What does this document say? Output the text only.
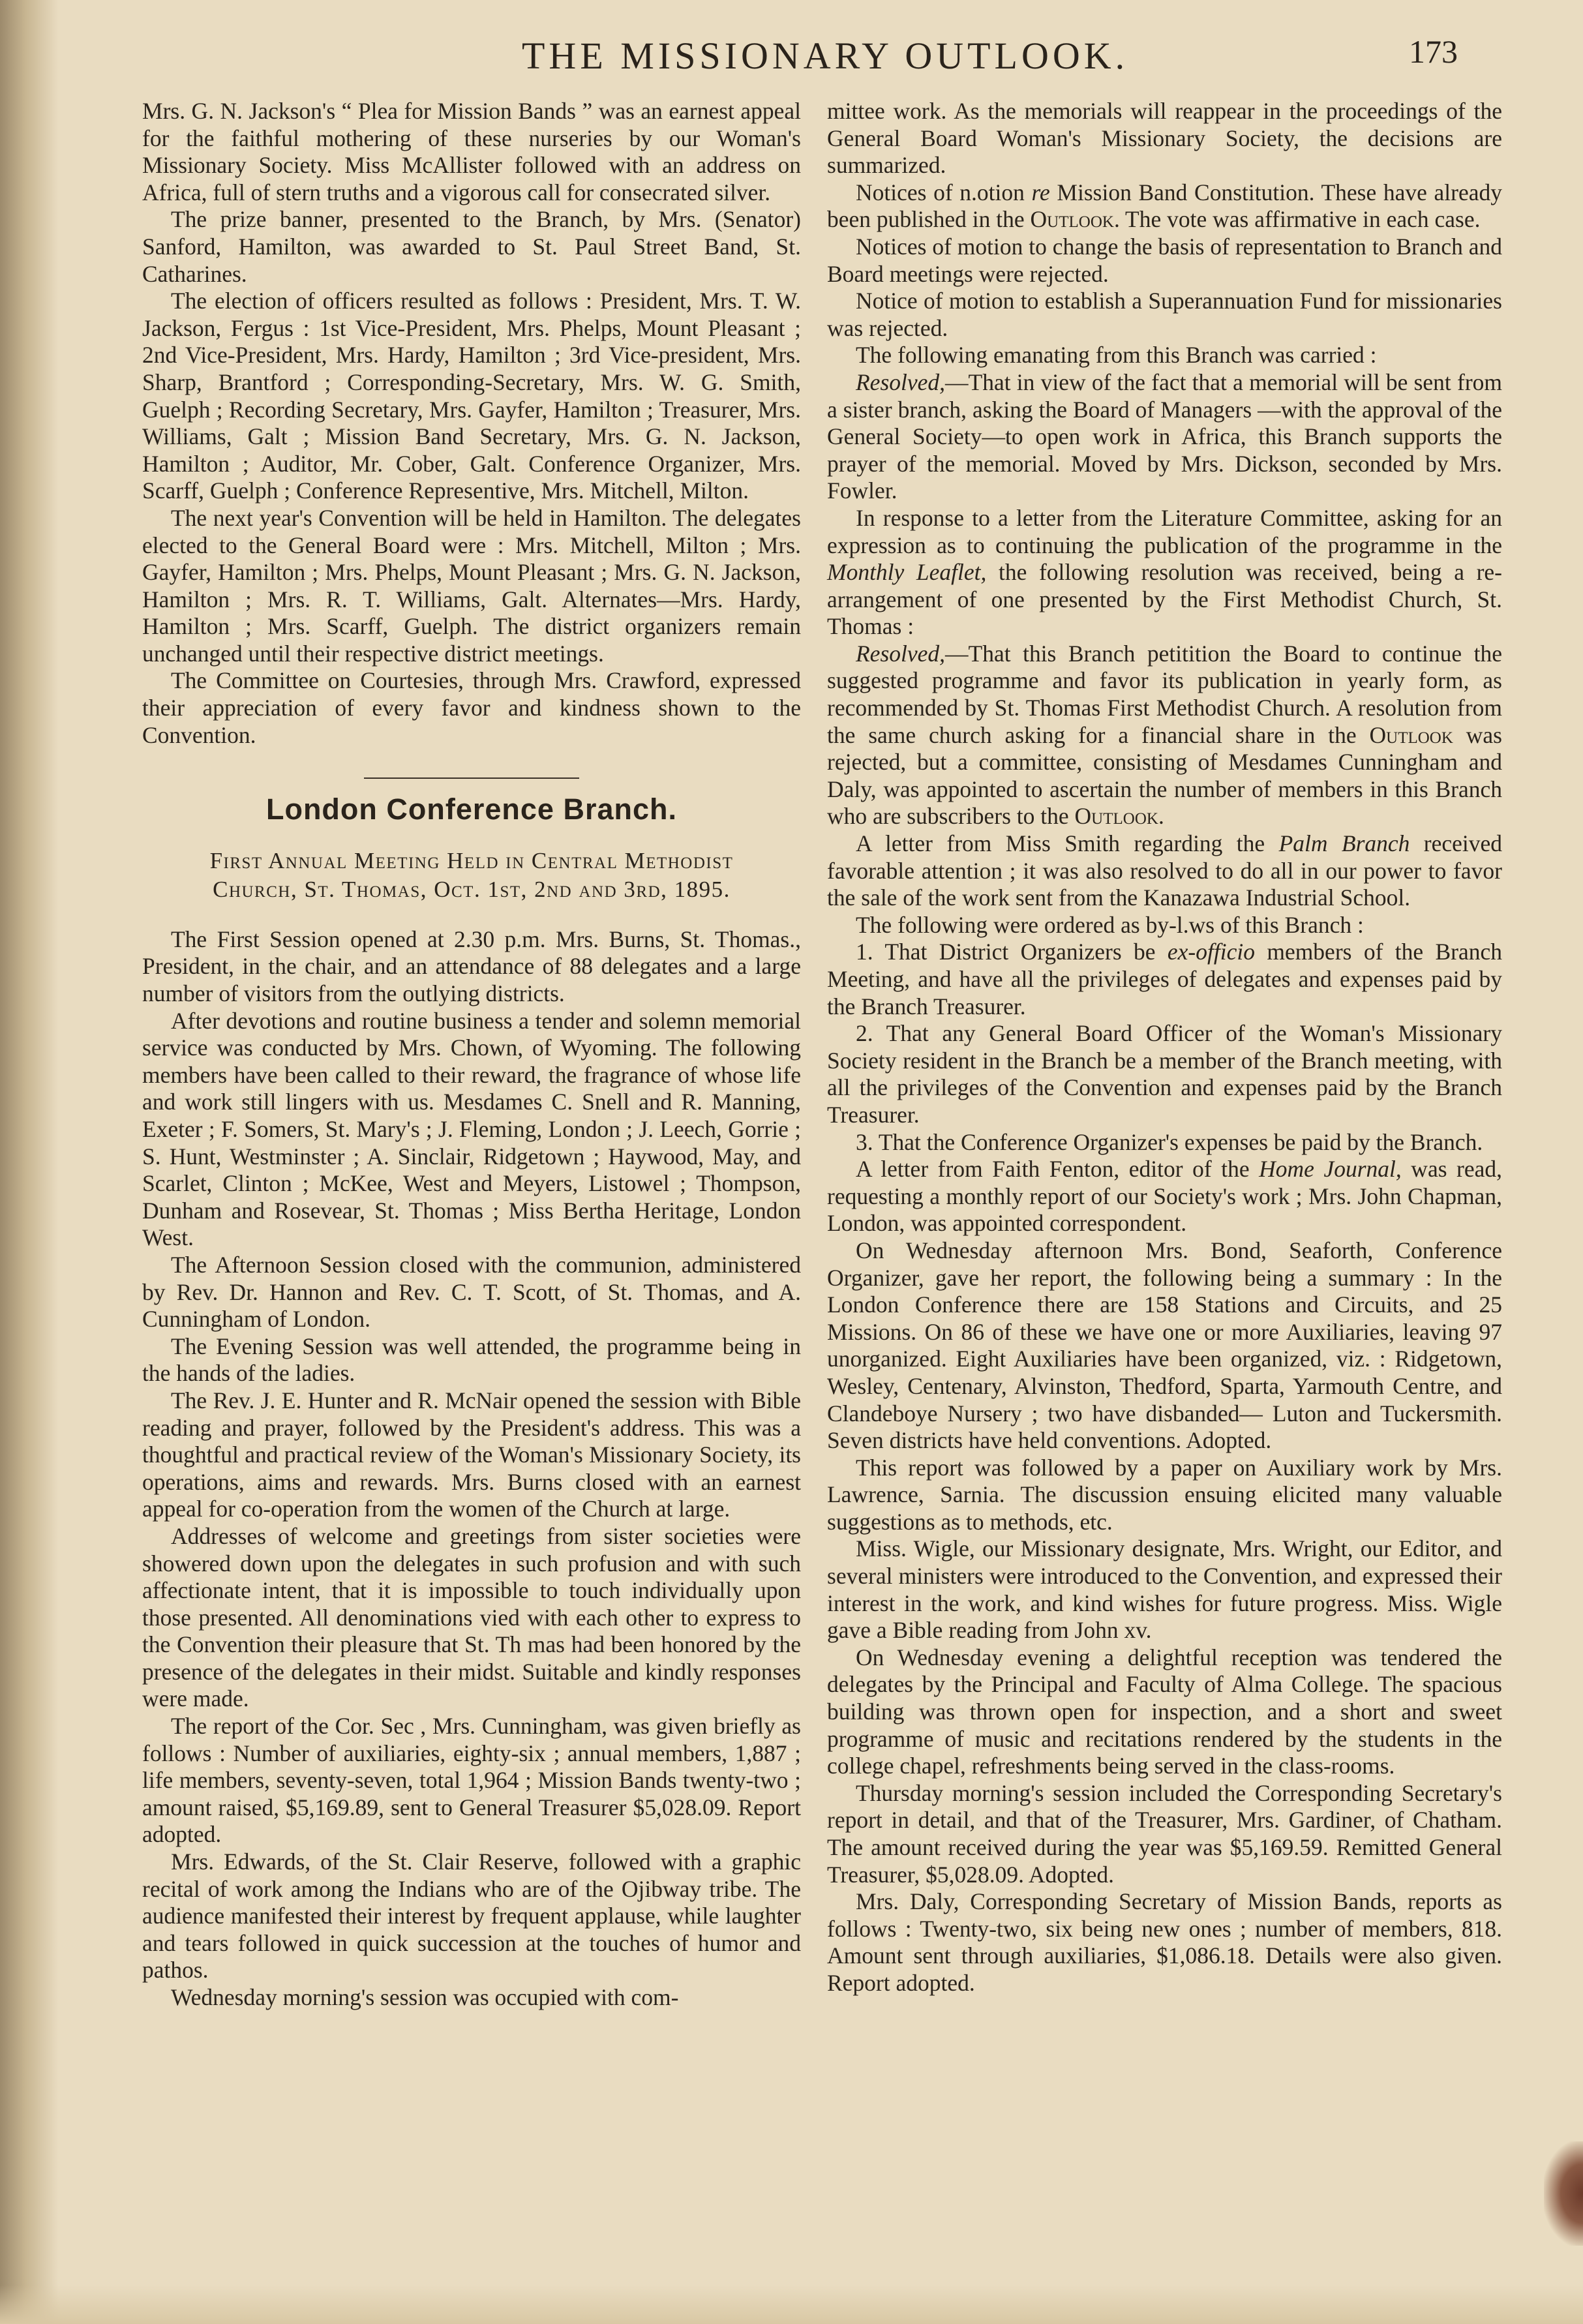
THE MISSIONARY OUTLOOK.	173

Mrs. G. N. Jackson's “ Plea for Mission Bands ” was an earnest appeal for the faithful mothering of these nurseries by our Woman's Missionary Society. Miss McAllister followed with an address on Africa, full of stern truths and a vigorous call for consecrated silver.

The prize banner, presented to the Branch, by Mrs. (Senator) Sanford, Hamilton, was awarded to St. Paul Street Band, St. Catharines.

The election of officers resulted as follows : President, Mrs. T. W. Jackson, Fergus : 1st Vice-President, Mrs. Phelps, Mount Pleasant ; 2nd Vice-President, Mrs. Hardy, Hamilton ; 3rd Vice-president, Mrs. Sharp, Brantford ; Corresponding-Secretary, Mrs. W. G. Smith, Guelph ; Recording Secretary, Mrs. Gayfer, Hamilton ; Treasurer, Mrs. Williams, Galt ; Mission Band Secretary, Mrs. G. N. Jackson, Hamilton ; Auditor, Mr. Cober, Galt. Conference Organizer, Mrs. Scarff, Guelph ; Conference Representive, Mrs. Mitchell, Milton.

The next year's Convention will be held in Hamilton. The delegates elected to the General Board were : Mrs. Mitchell, Milton ; Mrs. Gayfer, Hamilton ; Mrs. Phelps, Mount Pleasant ; Mrs. G. N. Jackson, Hamilton ; Mrs. R. T. Williams, Galt. Alternates—Mrs. Hardy, Hamilton ; Mrs. Scarff, Guelph. The district organizers remain unchanged until their respective district meetings.

The Committee on Courtesies, through Mrs. Crawford, expressed their appreciation of every favor and kindness shown to the Convention.

London Conference Branch.
First Annual Meeting Held in Central Methodist
Church, St. Thomas, Oct. 1st, 2nd and 3rd, 1895.

The First Session opened at 2.30 p.m. Mrs. Burns, St. Thomas., President, in the chair, and an attendance of 88 delegates and a large number of visitors from the outlying districts.

After devotions and routine business a tender and solemn memorial service was conducted by Mrs. Chown, of Wyoming. The following members have been called to their reward, the fragrance of whose life and work still lingers with us. Mesdames C. Snell and R. Manning, Exeter ; F. Somers, St. Mary's ; J. Fleming, London ; J. Leech, Gorrie ; S. Hunt, Westminster ; A. Sinclair, Ridgetown ; Haywood, May, and Scarlet, Clinton ; McKee, West and Meyers, Listowel ; Thompson, Dunham and Rosevear, St. Thomas ; Miss Bertha Heritage, London West.

The Afternoon Session closed with the communion, administered by Rev. Dr. Hannon and Rev. C. T. Scott, of St. Thomas, and A. Cunningham of London.

The Evening Session was well attended, the programme being in the hands of the ladies.

The Rev. J. E. Hunter and R. McNair opened the session with Bible reading and prayer, followed by the President's address. This was a thoughtful and practical review of the Woman's Missionary Society, its operations, aims and rewards. Mrs. Burns closed with an earnest appeal for co-operation from the women of the Church at large.

Addresses of welcome and greetings from sister societies were showered down upon the delegates in such profusion and with such affectionate intent, that it is impossible to touch individually upon those presented. All denominations vied with each other to express to the Convention their pleasure that St. Th mas had been honored by the presence of the delegates in their midst. Suitable and kindly responses were made.

The report of the Cor. Sec , Mrs. Cunningham, was given briefly as follows : Number of auxiliaries, eighty-six ; annual members, 1,887 ; life members, seventy-seven, total 1,964 ; Mission Bands twenty-two ; amount raised, $5,169.89, sent to General Treasurer $5,028.09. Report adopted.

Mrs. Edwards, of the St. Clair Reserve, followed with a graphic recital of work among the Indians who are of the Ojibway tribe. The audience manifested their interest by frequent applause, while laughter and tears followed in quick succession at the touches of humor and pathos.

Wednesday morning's session was occupied with com-

mittee work. As the memorials will reappear in the proceedings of the General Board Woman's Missionary Society, the decisions are summarized.

Notices of n.otion re Mission Band Constitution. These have already been published in the Outlook. The vote was affirmative in each case.

Notices of motion to change the basis of representation to Branch and Board meetings were rejected.

Notice of motion to establish a Superannuation Fund for missionaries was rejected.

The following emanating from this Branch was carried :

Resolved,—That in view of the fact that a memorial will be sent from a sister branch, asking the Board of Managers —with the approval of the General Society—to open work in Africa, this Branch supports the prayer of the memorial. Moved by Mrs. Dickson, seconded by Mrs. Fowler.

In response to a letter from the Literature Committee, asking for an expression as to continuing the publication of the programme in the Monthly Leaflet, the following resolution was received, being a re-arrangement of one presented by the First Methodist Church, St. Thomas :

Resolved,—That this Branch petitition the Board to continue the suggested programme and favor its publication in yearly form, as recommended by St. Thomas First Methodist Church. A resolution from the same church asking for a financial share in the Outlook was rejected, but a committee, consisting of Mesdames Cunningham and Daly, was appointed to ascertain the number of members in this Branch who are subscribers to the Outlook.

A letter from Miss Smith regarding the Palm Branch received favorable attention ; it was also resolved to do all in our power to favor the sale of the work sent from the Kanazawa Industrial School.

The following were ordered as by-l.ws of this Branch :

1. That District Organizers be ex-officio members of the Branch Meeting, and have all the privileges of delegates and expenses paid by the Branch Treasurer.

2. That any General Board Officer of the Woman's Missionary Society resident in the Branch be a member of the Branch meeting, with all the privileges of the Convention and expenses paid by the Branch Treasurer.

3. That the Conference Organizer's expenses be paid by the Branch.

A letter from Faith Fenton, editor of the Home Journal, was read, requesting a monthly report of our Society's work ; Mrs. John Chapman, London, was appointed correspondent.

On Wednesday afternoon Mrs. Bond, Seaforth, Conference Organizer, gave her report, the following being a summary : In the London Conference there are 158 Stations and Circuits, and 25 Missions. On 86 of these we have one or more Auxiliaries, leaving 97 unorganized. Eight Auxiliaries have been organized, viz. : Ridgetown, Wesley, Centenary, Alvinston, Thedford, Sparta, Yarmouth Centre, and Clandeboye Nursery ; two have disbanded— Luton and Tuckersmith. Seven districts have held conventions. Adopted.

This report was followed by a paper on Auxiliary work by Mrs. Lawrence, Sarnia. The discussion ensuing elicited many valuable suggestions as to methods, etc.

Miss. Wigle, our Missionary designate, Mrs. Wright, our Editor, and several ministers were introduced to the Convention, and expressed their interest in the work, and kind wishes for future progress. Miss. Wigle gave a Bible reading from John xv.

On Wednesday evening a delightful reception was tendered the delegates by the Principal and Faculty of Alma College. The spacious building was thrown open for inspection, and a short and sweet programme of music and recitations rendered by the students in the college chapel, refreshments being served in the class-rooms.

Thursday morning's session included the Corresponding Secretary's report in detail, and that of the Treasurer, Mrs. Gardiner, of Chatham. The amount received during the year was $5,169.59. Remitted General Treasurer, $5,028.09. Adopted.

Mrs. Daly, Corresponding Secretary of Mission Bands, reports as follows : Twenty-two, six being new ones ; number of members, 818. Amount sent through auxiliaries, $1,086.18. Details were also given. Report adopted.
